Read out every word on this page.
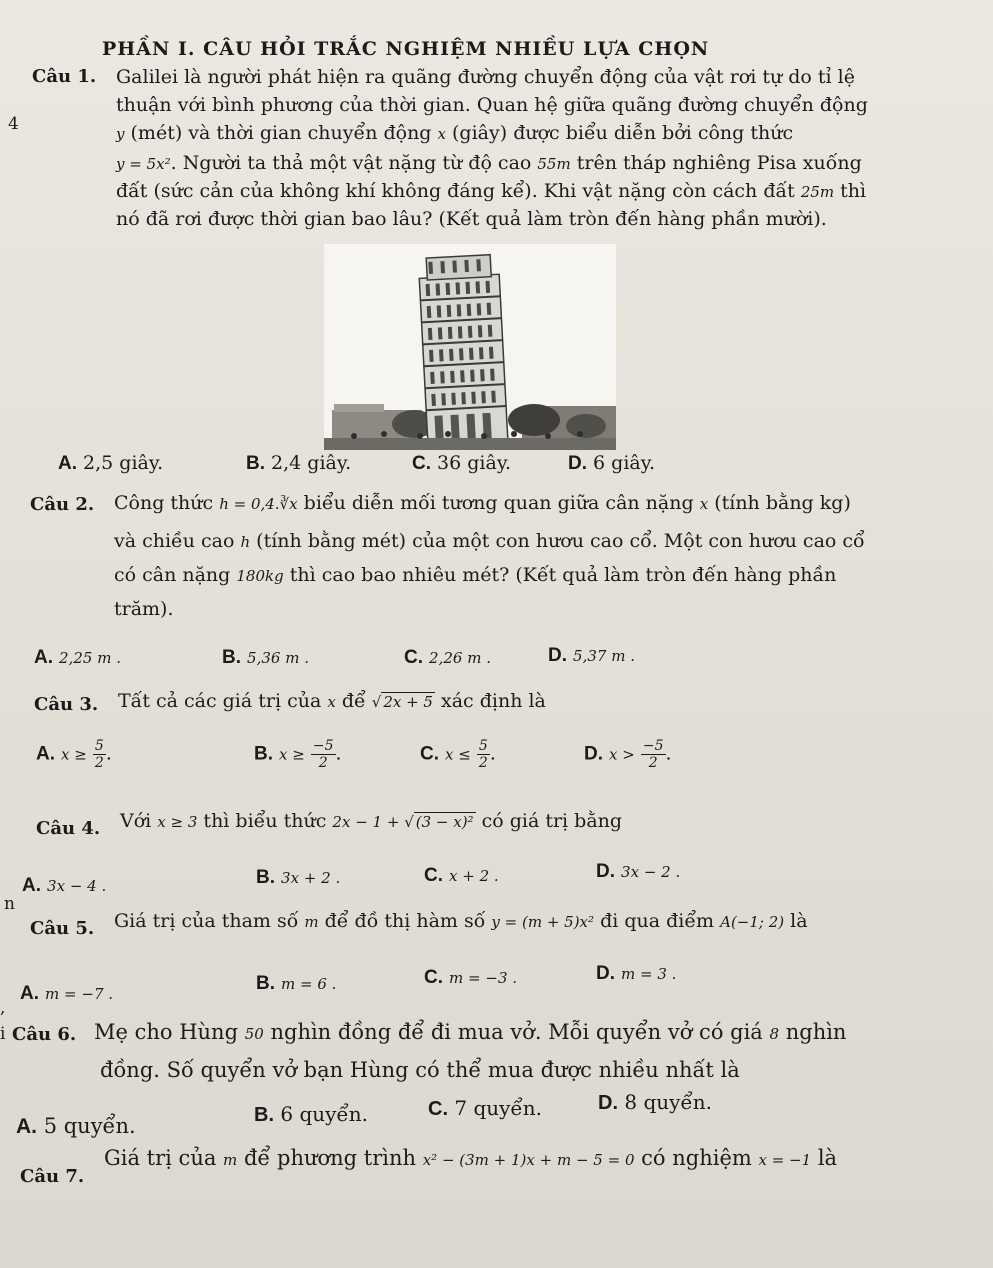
PHẦN I. CÂU HỎI TRẮC NGHIỆM NHIỀU LỰA CHỌN
4
n
,
i
Câu 1. Galilei là người phát hiện ra quãng đường chuyển động của vật rơi tự do tỉ lệ
thuận với bình phương của thời gian. Quan hệ giữa quãng đường chuyển động
y (mét) và thời gian chuyển động x (giây) được biểu diễn bởi công thức
y = 5x². Người ta thả một vật nặng từ độ cao 55m trên tháp nghiêng Pisa xuống
đất (sức cản của không khí không đáng kể). Khi vật nặng còn cách đất 25m thì
nó đã rơi được thời gian bao lâu? (Kết quả làm tròn đến hàng phần mười).
A. 2,5 giây.	B. 2,4 giây.	C. 36 giây.	D. 6 giây.
Câu 2. Công thức h = 0,4.∛x biểu diễn mối tương quan giữa cân nặng x (tính bằng kg)
và chiều cao h (tính bằng mét) của một con hươu cao cổ. Một con hươu cao cổ
có cân nặng 180kg thì cao bao nhiêu mét? (Kết quả làm tròn đến hàng phần
trăm).
A. 2,25 m .	B. 5,36 m .	C. 2,26 m .	D. 5,37 m .
Câu 3. Tất cả các giá trị của x để √ 2x + 5 xác định là
A. $x \ge \frac{5}{2}$ .	B. $x \ge \frac{-5}{2}$ .	C. $x \le \frac{5}{2}$ .	D. $x > \frac{-5}{2}$ .
Câu 4. Với x ≥ 3 thì biểu thức 2x − 1 + √ (3 − x)² có giá trị bằng
A. 3x − 4 .	B. 3x + 2 .	C. x + 2 .	D. 3x − 2 .
Câu 5. Giá trị của tham số m để đồ thị hàm số y = (m + 5)x² đi qua điểm A(−1; 2) là
A. m = −7 .	B. m = 6 .	C. m = −3 .	D. m = 3 .
Câu 6. Mẹ cho Hùng 50 nghìn đồng để đi mua vở. Mỗi quyển vở có giá 8 nghìn
đồng. Số quyển vở bạn Hùng có thể mua được nhiều nhất là
A. 5 quyển.	B. 6 quyển.	C. 7 quyển.	D. 8 quyển.
Câu 7.
Giá trị của m để phương trình x² − (3m + 1)x + m − 5 = 0 có nghiệm x = −1 là
